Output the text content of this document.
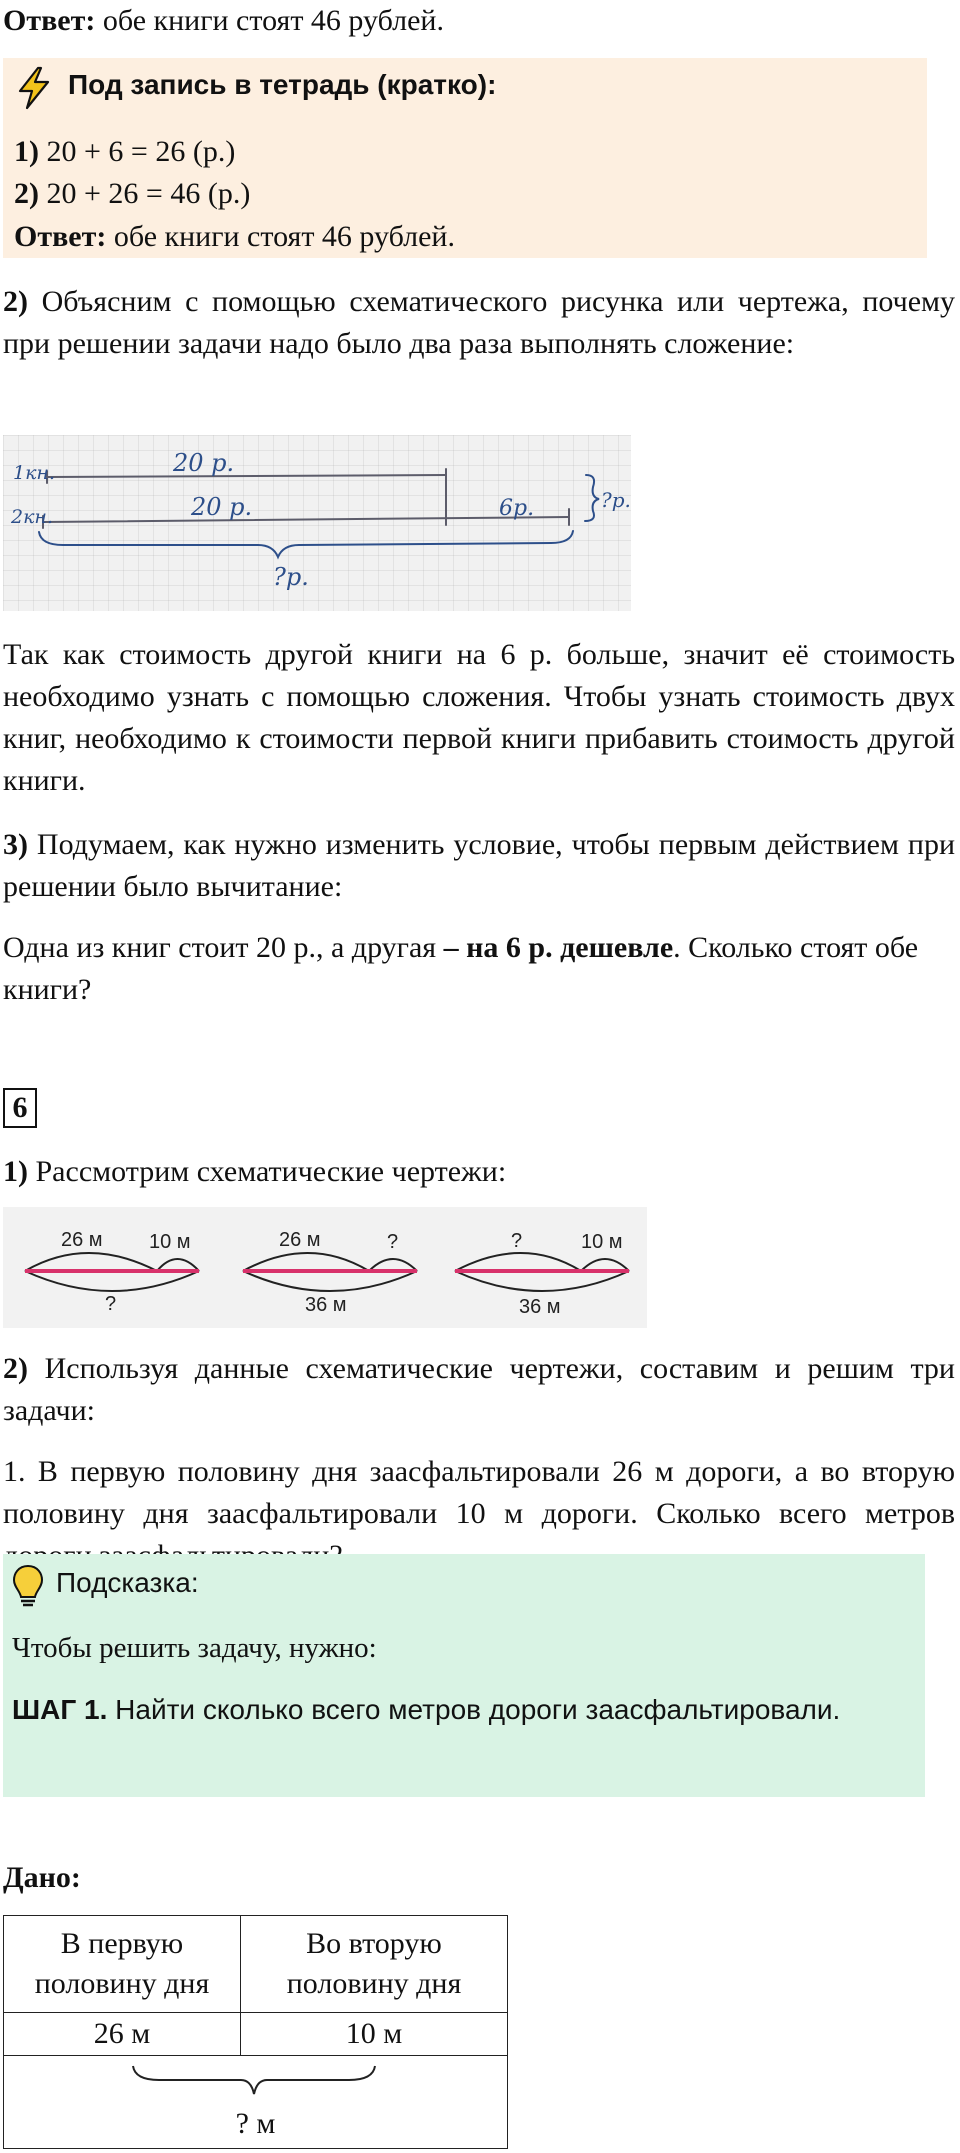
Ответ: обе книги стоят 46 рублей.
Под запись в тетрадь (кратко):
1) 20 + 6 = 26 (р.)
2) 20 + 26 = 46 (р.)
Ответ: обе книги стоят 46 рублей.
2) Объясним с помощью схематического рисунка или чертежа, почему при решении задачи надо было два раза выполнять сложение:
1кн.	20 р.
2кн.	20 р.	6р.	?р.
?р.
Так как стоимость другой книги на 6 р. больше, значит её стоимость необходимо узнать с помощью сложения. Чтобы узнать стоимость двух книг, необходимо к стоимости первой книги прибавить стоимость другой книги.
3) Подумаем, как нужно изменить условие, чтобы первым действием при решении было вычитание:
Одна из книг стоит 20 р., а другая – на 6 р. дешевле. Сколько стоят обе книги?
6
1) Рассмотрим схематические чертежи:
26 м 10 м
?
26 м	?
36 м
?	10 м
36 м
2) Используя данные схематические чертежи, составим и решим три задачи:
1. В первую половину дня заасфальтировали 26 м дороги, а во вторую половину дня заасфальтировали 10 м дороги. Сколько всего метров
Подсказка:
Чтобы решить задачу, нужно:
ШАГ 1. Найти сколько всего метров дороги заасфальтировали.
Дано:
В первую половину дня	Во вторую половину дня

26 м	10 м

? м	
